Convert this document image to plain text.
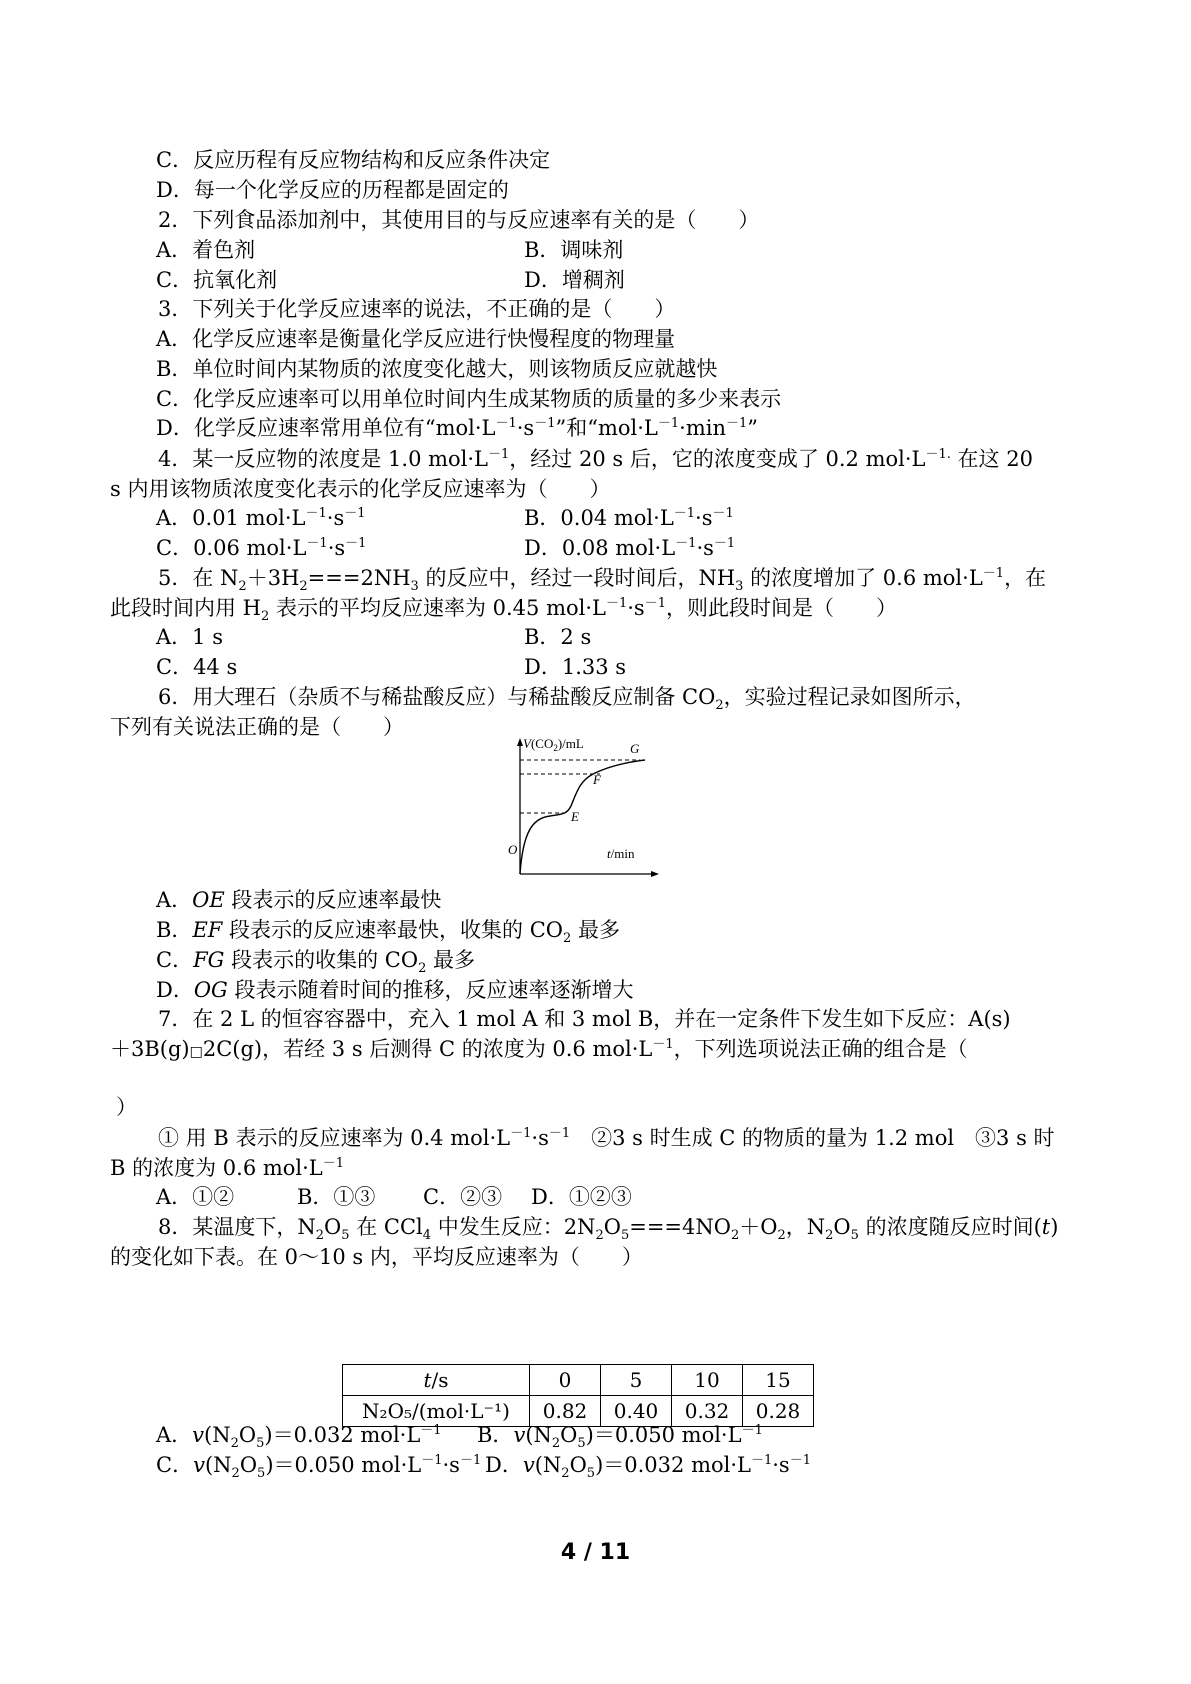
C．反应历程有反应物结构和反应条件决定
D．每一个化学反应的历程都是固定的
2．下列食品添加剂中，其使用目的与反应速率有关的是（　　）
A．着色剂	B．调味剂
C．抗氧化剂	D．增稠剂
3．下列关于化学反应速率的说法，不正确的是（　　）
A．化学反应速率是衡量化学反应进行快慢程度的物理量
B．单位时间内某物质的浓度变化越大，则该物质反应就越快
C．化学反应速率可以用单位时间内生成某物质的质量的多少来表示
D．化学反应速率常用单位有“$mol\cdot L^{-1}\cdot s^{-1}$”和“$mol\cdot L^{-1}\cdot\min^{-1}$”
4．某一反应物的浓度是 1.0 $mol\cdot L^{-1}$，经过 20 s 后，它的浓度变成了 0.2 $mol\cdot L^{-1.}$ 在这 20
s 内用该物质浓度变化表示的化学反应速率为（　　）
A．0.01 $mol\cdot L^{-1}\cdot s^{-1}$	B．0.04 $mol\cdot L^{-1}\cdot s^{-1}$
C．0.06 $mol\cdot L^{-1}\cdot s^{-1}$	D．0.08 $mol\cdot L^{-1}\cdot s^{-1}$
5．在 $N_2+3H_2===2NH_3$ 的反应中，经过一段时间后，$NH_3$ 的浓度增加了 0.6 $mol\cdot L^{-1}$，在
此段时间内用 $H_2$ 表示的平均反应速率为 0.45 $mol\cdot L^{-1}\cdot s^{-1}$，则此段时间是（　　）
A．1 s	B．2 s
C．44 s	D．1.33 s
6．用大理石（杂质不与稀盐酸反应）与稀盐酸反应制备 $CO_2$，实验过程记录如图所示，
下列有关说法正确的是（　　）
$V(CO_2)/mL$
t/min
O
E
F
G
A．OE 段表示的反应速率最快
B．EF 段表示的反应速率最快，收集的 $CO_2$ 最多
C．FG 段表示的收集的 $CO_2$ 最多
D．OG 段表示随着时间的推移，反应速率逐渐增大
7．在 2 L 的恒容容器中，充入 1 mol A 和 3 mol B，并在一定条件下发生如下反应：A(s)
＋3B(g)□2C(g)，若经 3 s 后测得 C 的浓度为 0.6 $mol\cdot L^{-1}$，下列选项说法正确的组合是（
）
① 用 B 表示的反应速率为 0.4 $mol\cdot L^{-1}\cdot s^{-1}$　②3 s 时生成 C 的物质的量为 1.2 mol　③3 s 时
B 的浓度为 0.6 $mol\cdot L^{-1}$
A．①②	B．①③	C．②③	D．①②③
8．某温度下，$N_2O_5$ 在 CCl$_4$ 中发生反应：$2N_2O_5===4NO_2+O_2$，$N_2O_5$ 的浓度随反应时间(t)
的变化如下表。在 0～10 s 内，平均反应速率为（　　）
t/s	0	5	10	15
N₂O₅/(mol·L⁻¹)	0.82	0.40	0.32	0.28
A．$v(N_2O_5)=0.032$ $mol\cdot L^{-1}$	B．$v(N_2O_5)=0.050$ $mol\cdot L^{-1}$
C．$v(N_2O_5)=0.050$ $mol\cdot L^{-1}\cdot s^{-1}$ D．$v(N_2O_5)=0.032$ $mol\cdot L^{-1}\cdot s^{-1}$
4 / 11
